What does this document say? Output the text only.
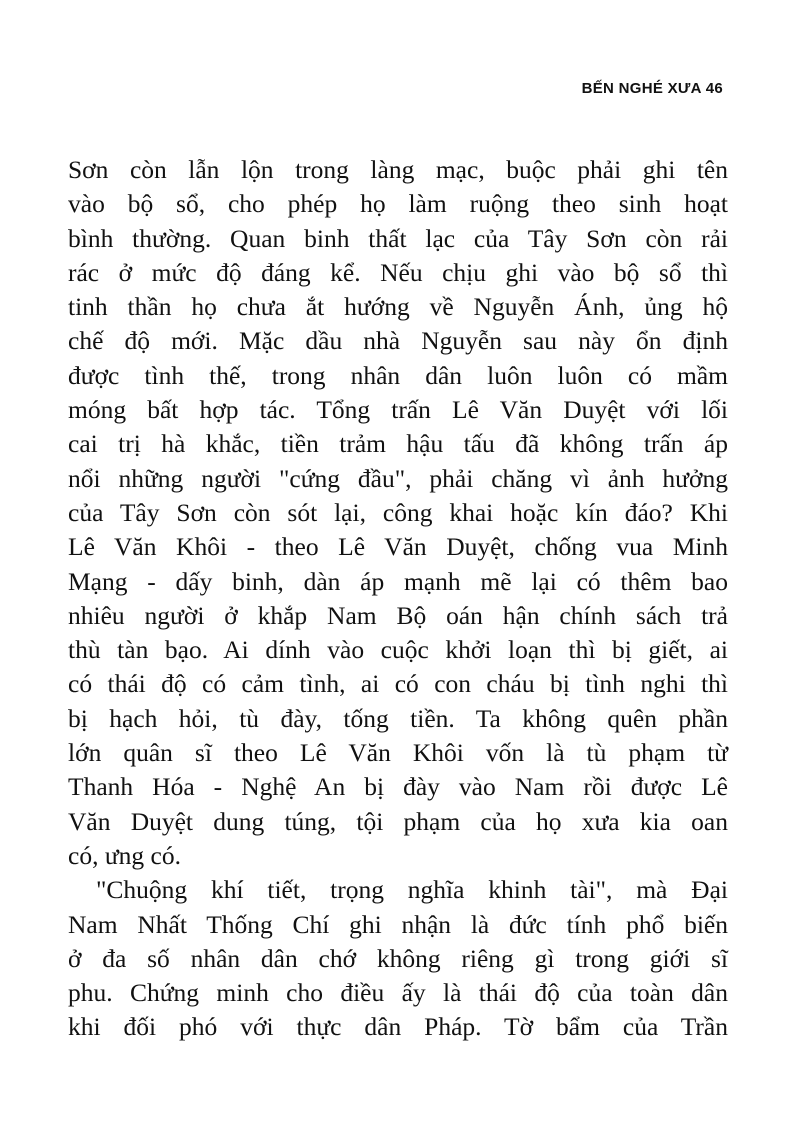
BẾN NGHÉ XƯA 46
Sơn còn lẫn lộn trong làng mạc, buộc phải ghi tên
vào bộ sổ, cho phép họ làm ruộng theo sinh hoạt
bình thường. Quan binh thất lạc của Tây Sơn còn rải
rác ở mức độ đáng kể. Nếu chịu ghi vào bộ sổ thì
tinh thần họ chưa ắt hướng về Nguyễn Ánh, ủng hộ
chế độ mới. Mặc dầu nhà Nguyễn sau này ổn định
được tình thế, trong nhân dân luôn luôn có mầm
móng bất hợp tác. Tổng trấn Lê Văn Duyệt với lối
cai trị hà khắc, tiền trảm hậu tấu đã không trấn áp
nổi những người "cứng đầu", phải chăng vì ảnh hưởng
của Tây Sơn còn sót lại, công khai hoặc kín đáo? Khi
Lê Văn Khôi - theo Lê Văn Duyệt, chống vua Minh
Mạng - dấy binh, dàn áp mạnh mẽ lại có thêm bao
nhiêu người ở khắp Nam Bộ oán hận chính sách trả
thù tàn bạo. Ai dính vào cuộc khởi loạn thì bị giết, ai
có thái độ có cảm tình, ai có con cháu bị tình nghi thì
bị hạch hỏi, tù đày, tống tiền. Ta không quên phần
lớn quân sĩ theo Lê Văn Khôi vốn là tù phạm từ
Thanh Hóa - Nghệ An bị đày vào Nam rồi được Lê
Văn Duyệt dung túng, tội phạm của họ xưa kia oan
có, ưng có.
"Chuộng khí tiết, trọng nghĩa khinh tài", mà Đại
Nam Nhất Thống Chí ghi nhận là đức tính phổ biến
ở đa số nhân dân chớ không riêng gì trong giới sĩ
phu. Chứng minh cho điều ấy là thái độ của toàn dân
khi đối phó với thực dân Pháp. Tờ bẩm của Trần
